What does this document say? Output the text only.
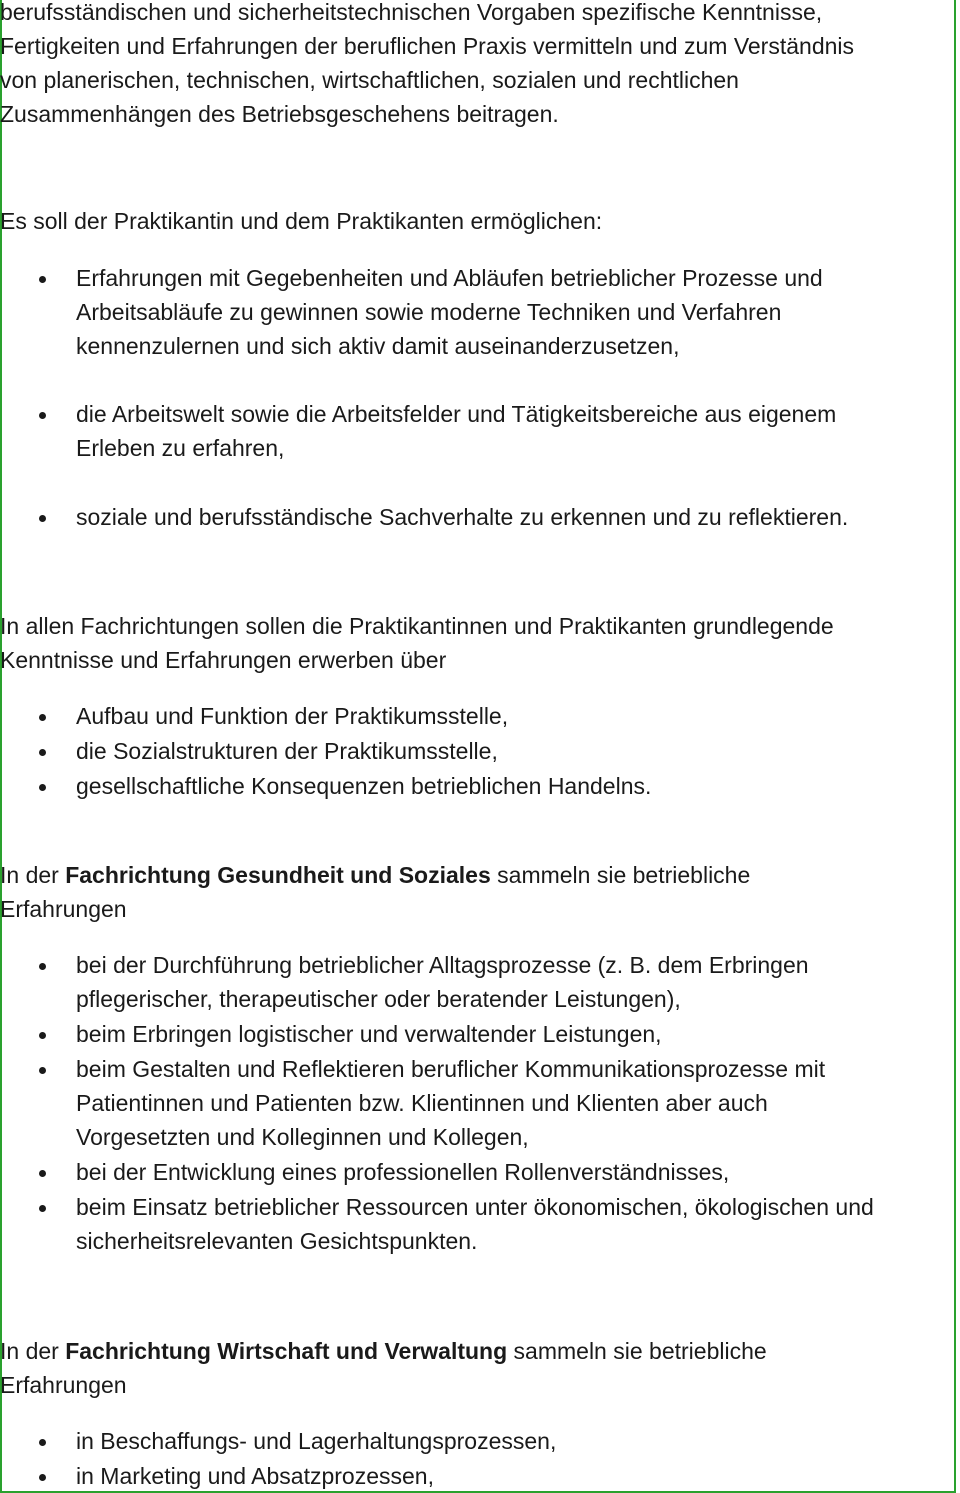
berufsständischen und sicherheitstechnischen Vorgaben spezifische Kenntnisse,
Fertigkeiten und Erfahrungen der beruflichen Praxis vermitteln und zum Verständnis
von planerischen, technischen, wirtschaftlichen, sozialen und rechtlichen
Zusammenhängen des Betriebsgeschehens beitragen.

Es soll der Praktikantin und dem Praktikanten ermöglichen:

Erfahrungen mit Gegebenheiten und Abläufen betrieblicher Prozesse und
Arbeitsabläufe zu gewinnen sowie moderne Techniken und Verfahren
kennenzulernen und sich aktiv damit auseinanderzusetzen,
die Arbeitswelt sowie die Arbeitsfelder und Tätigkeitsbereiche aus eigenem
Erleben zu erfahren,
soziale und berufsständische Sachverhalte zu erkennen und zu reflektieren.

In allen Fachrichtungen sollen die Praktikantinnen und Praktikanten grundlegende
Kenntnisse und Erfahrungen erwerben über

Aufbau und Funktion der Praktikumsstelle,
die Sozialstrukturen der Praktikumsstelle,
gesellschaftliche Konsequenzen betrieblichen Handelns.

In der Fachrichtung Gesundheit und Soziales sammeln sie betriebliche
Erfahrungen

bei der Durchführung betrieblicher Alltagsprozesse (z. B. dem Erbringen
pflegerischer, therapeutischer oder beratender Leistungen),
beim Erbringen logistischer und verwaltender Leistungen,
beim Gestalten und Reflektieren beruflicher Kommunikationsprozesse mit
Patientinnen und Patienten bzw. Klientinnen und Klienten aber auch
Vorgesetzten und Kolleginnen und Kollegen,
bei der Entwicklung eines professionellen Rollenverständnisses,
beim Einsatz betrieblicher Ressourcen unter ökonomischen, ökologischen und
sicherheitsrelevanten Gesichtspunkten.

In der Fachrichtung Wirtschaft und Verwaltung sammeln sie betriebliche
Erfahrungen

in Beschaffungs- und Lagerhaltungsprozessen,
in Marketing und Absatzprozessen,
